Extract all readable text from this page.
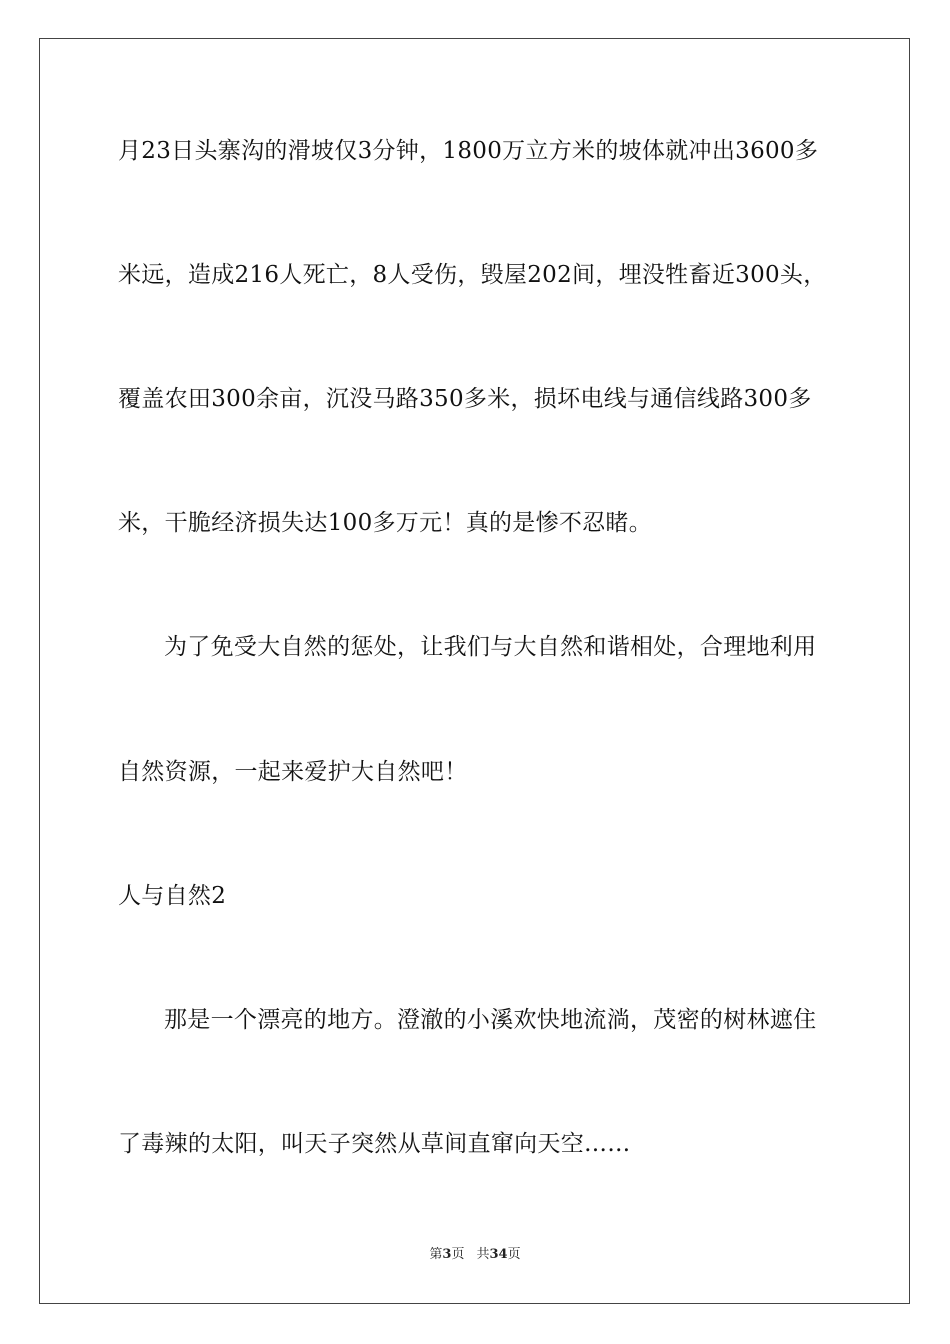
月23日头寨沟的滑坡仅3分钟，1800万立方米的坡体就冲出3600多
米远，造成216人死亡，8人受伤，毁屋202间，埋没牲畜近300头，
覆盖农田300余亩，沉没马路350多米，损坏电线与通信线路300多
米，干脆经济损失达100多万元！真的是惨不忍睹。
为了免受大自然的惩处，让我们与大自然和谐相处，合理地利用
自然资源，一起来爱护大自然吧！
人与自然2
那是一个漂亮的地方。澄澈的小溪欢快地流淌，茂密的树林遮住
了毒辣的太阳，叫天子突然从草间直窜向天空……
第3页 共34页
